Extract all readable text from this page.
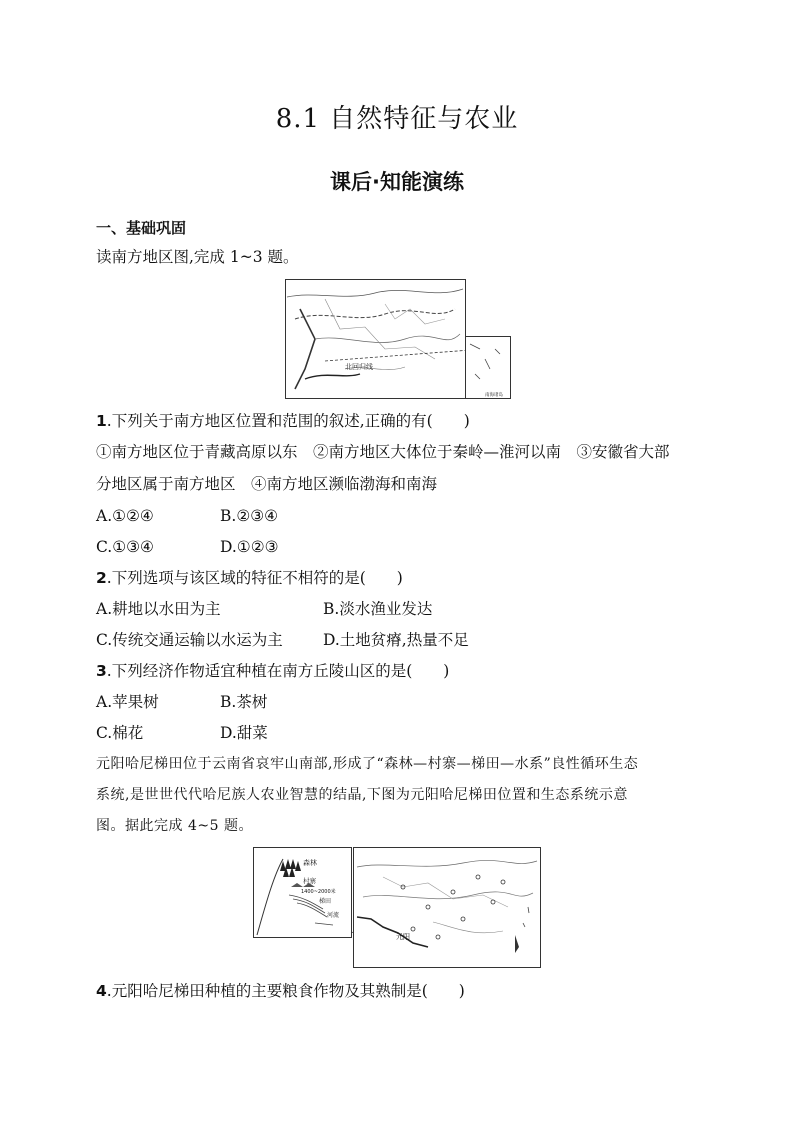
8.1 自然特征与农业
课后·知能演练
一、基础巩固
读南方地区图,完成 1~3 题。
北回归线
南海诸岛
1.下列关于南方地区位置和范围的叙述,正确的有(　　)
①南方地区位于青藏高原以东　②南方地区大体位于秦岭—淮河以南　③安徽省大部
分地区属于南方地区　④南方地区濒临渤海和南海
A.①②④	B.②③④
C.①③④	D.①②③
2.下列选项与该区域的特征不相符的是(　　)
A.耕地以水田为主	B.淡水渔业发达
C.传统交通运输以水运为主	D.土地贫瘠,热量不足
3.下列经济作物适宜种植在南方丘陵山区的是(　　)
A.苹果树	B.茶树
C.棉花	D.甜菜
元阳哈尼梯田位于云南省哀牢山南部,形成了“森林—村寨—梯田—水系”良性循环生态
系统,是世世代代哈尼族人农业智慧的结晶,下图为元阳哈尼梯田位置和生态系统示意
图。据此完成 4~5 题。
森林
村寨
1400~2000米
梯田
河流
元阳
4.元阳哈尼梯田种植的主要粮食作物及其熟制是(　　)
